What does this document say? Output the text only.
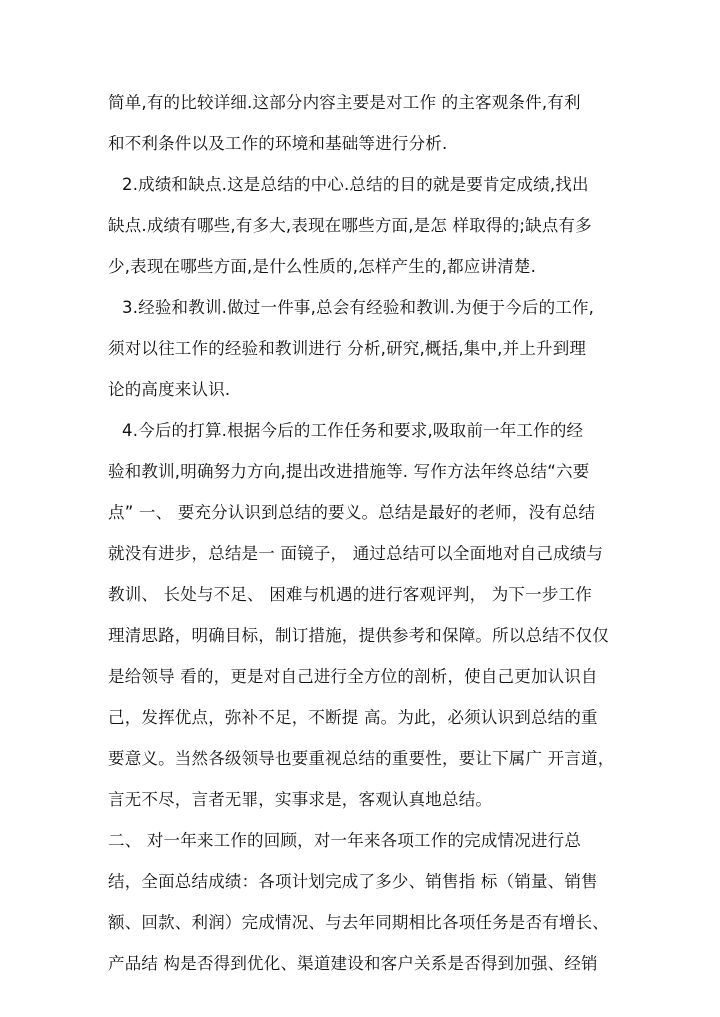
简单,有的比较详细.这部分内容主要是对工作 的主客观条件,有利
和不利条件以及工作的环境和基础等进行分析.
2.成绩和缺点.这是总结的中心.总结的目的就是要肯定成绩,找出
缺点.成绩有哪些,有多大,表现在哪些方面,是怎 样取得的;缺点有多
少,表现在哪些方面,是什么性质的,怎样产生的,都应讲清楚.
3.经验和教训.做过一件事,总会有经验和教训.为便于今后的工作,
须对以往工作的经验和教训进行 分析,研究,概括,集中,并上升到理
论的高度来认识.
4.今后的打算.根据今后的工作任务和要求,吸取前一年工作的经
验和教训,明确努力方向,提出改进措施等. 写作方法年终总结“六要
点” 一、 要充分认识到总结的要义。总结是最好的老师，没有总结
就没有进步，总结是一 面镜子， 通过总结可以全面地对自己成绩与
教训、 长处与不足、 困难与机遇的进行客观评判， 为下一步工作
理清思路，明确目标，制订措施，提供参考和保障。所以总结不仅仅
是给领导 看的，更是对自己进行全方位的剖析，使自己更加认识自
己，发挥优点，弥补不足，不断提 高。为此，必须认识到总结的重
要意义。当然各级领导也要重视总结的重要性，要让下属广 开言道，
言无不尽，言者无罪，实事求是，客观认真地总结。
二、 对一年来工作的回顾，对一年来各项工作的完成情况进行总
结，全面总结成绩：各项计划完成了多少、销售指 标（销量、销售
额、回款、利润）完成情况、与去年同期相比各项任务是否有增长、
产品结 构是否得到优化、渠道建设和客户关系是否得到加强、经销
